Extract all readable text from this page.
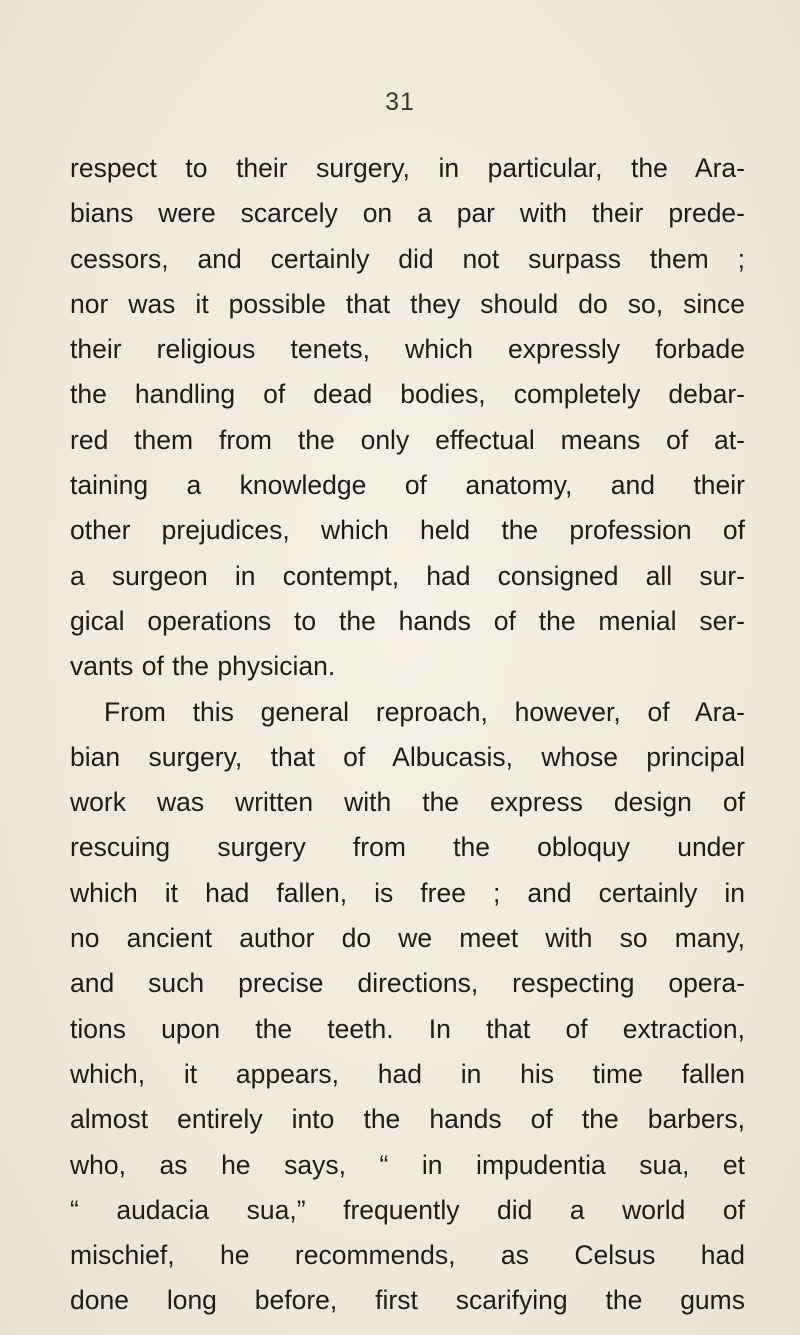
31
respect to their surgery, in particular, the Ara-
bians were scarcely on a par with their prede-
cessors, and certainly did not surpass them ;
nor was it possible that they should do so, since
their religious tenets, which expressly forbade
the handling of dead bodies, completely debar-
red them from the only effectual means of at-
taining a knowledge of anatomy, and their
other prejudices, which held the profession of
a surgeon in contempt, had consigned all sur-
gical operations to the hands of the menial ser-
vants of the physician.
From this general reproach, however, of Ara-
bian surgery, that of Albucasis, whose principal
work was written with the express design of
rescuing surgery from the obloquy under
which it had fallen, is free ; and certainly in
no ancient author do we meet with so many,
and such precise directions, respecting opera-
tions upon the teeth. In that of extraction,
which, it appears, had in his time fallen
almost entirely into the hands of the barbers,
who, as he says, “ in impudentia sua, et
“ audacia sua,” frequently did a world of
mischief, he recommends, as Celsus had
done long before, first scarifying the gums
